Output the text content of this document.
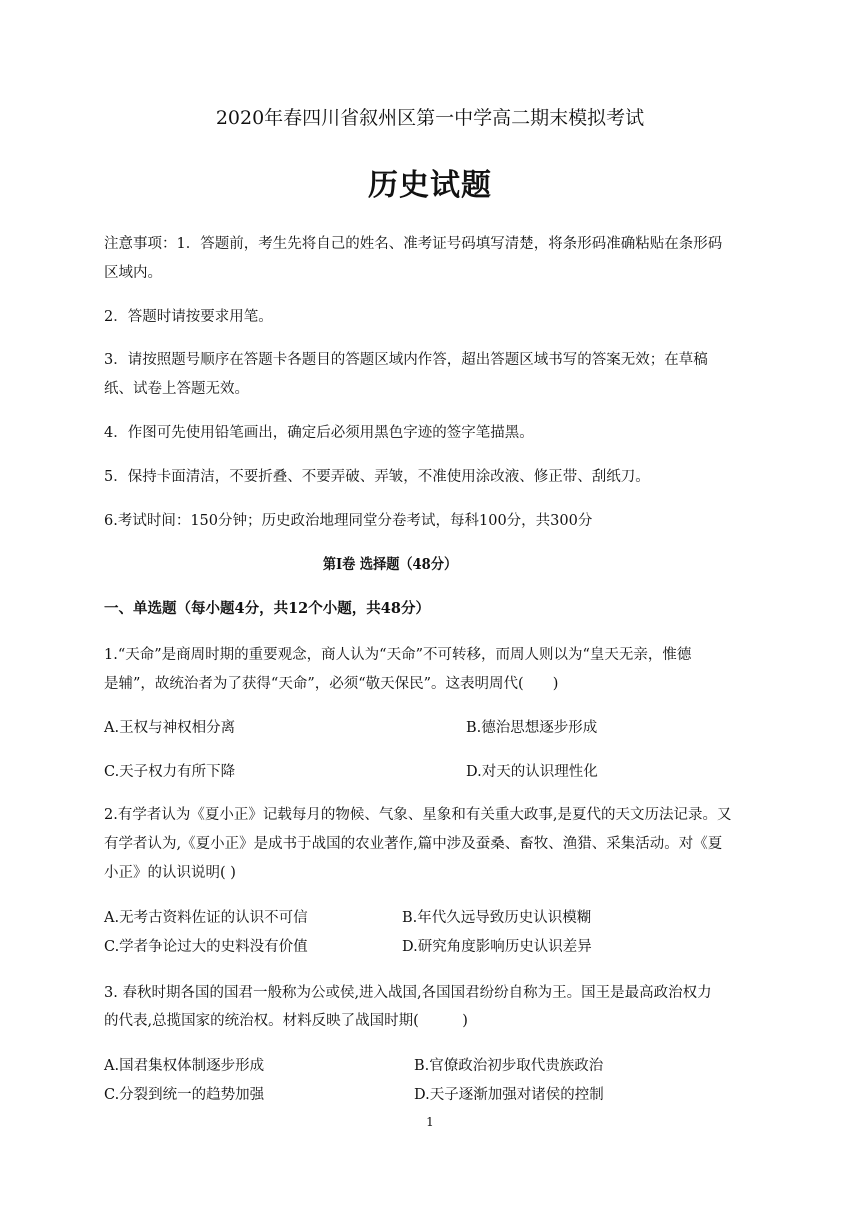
2020年春四川省叙州区第一中学高二期末模拟考试
历史试题
注意事项：1．答题前，考生先将自己的姓名、准考证号码填写清楚，将条形码准确粘贴在条形码
区域内。
2．答题时请按要求用笔。
3．请按照题号顺序在答题卡各题目的答题区域内作答，超出答题区域书写的答案无效；在草稿
纸、试卷上答题无效。
4．作图可先使用铅笔画出，确定后必须用黑色字迹的签字笔描黑。
5．保持卡面清洁，不要折叠、不要弄破、弄皱，不准使用涂改液、修正带、刮纸刀。
6.考试时间：150分钟；历史政治地理同堂分卷考试，每科100分，共300分
第Ⅰ卷 选择题（48分）
一、单选题（每小题4分，共12个小题，共48分）
1.“天命”是商周时期的重要观念，商人认为“天命”不可转移，而周人则以为“皇天无亲，惟德
是辅”，故统治者为了获得“天命”，必须“敬天保民”。这表明周代(　　)
A.王权与神权相分离	B.德治思想逐步形成
C.天子权力有所下降	D.对天的认识理性化
2.有学者认为《夏小正》记载每月的物候、气象、星象和有关重大政事,是夏代的天文历法记录。又
有学者认为,《夏小正》是成书于战国的农业著作,篇中涉及蚕桑、畜牧、渔猎、采集活动。对《夏
小正》的认识说明( )
A.无考古资料佐证的认识不可信	B.年代久远导致历史认识模糊
C.学者争论过大的史料没有价值	D.研究角度影响历史认识差异
3. 春秋时期各国的国君一般称为公或侯,进入战国,各国国君纷纷自称为王。国王是最高政治权力
的代表,总揽国家的统治权。材料反映了战国时期(　　　)
A.国君集权体制逐步形成	B.官僚政治初步取代贵族政治
C.分裂到统一的趋势加强	D.天子逐渐加强对诸侯的控制
1
